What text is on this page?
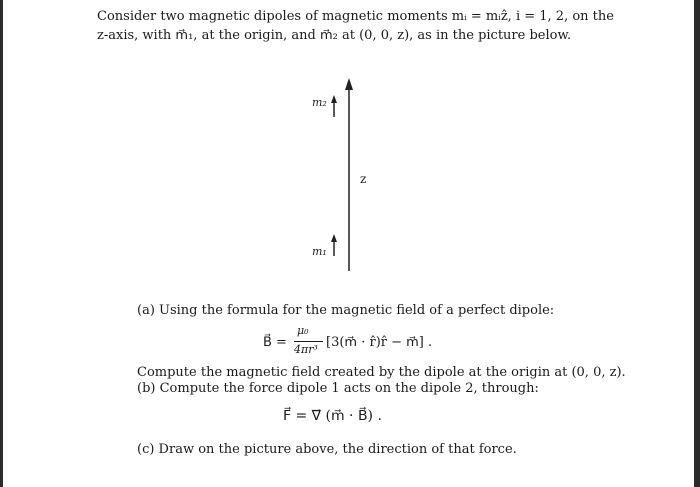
Consider two magnetic dipoles of magnetic moments mᵢ = mᵢẑ, i = 1, 2, on the
z-axis, with m⃗₁, at the origin, and m⃗₂ at (0, 0, z), as in the picture below.
m₂
m₁
z
(a) Using the formula for the magnetic field of a perfect dipole:
B⃗ =
μ₀
4πr³ [3(m⃗ · r̂)r̂ − m⃗] .
Compute the magnetic field created by the dipole at the origin at (0, 0, z).
(b) Compute the force dipole 1 acts on the dipole 2, through:
F⃗ = ∇⃗ (m⃗ · B⃗) .
(c) Draw on the picture above, the direction of that force.
